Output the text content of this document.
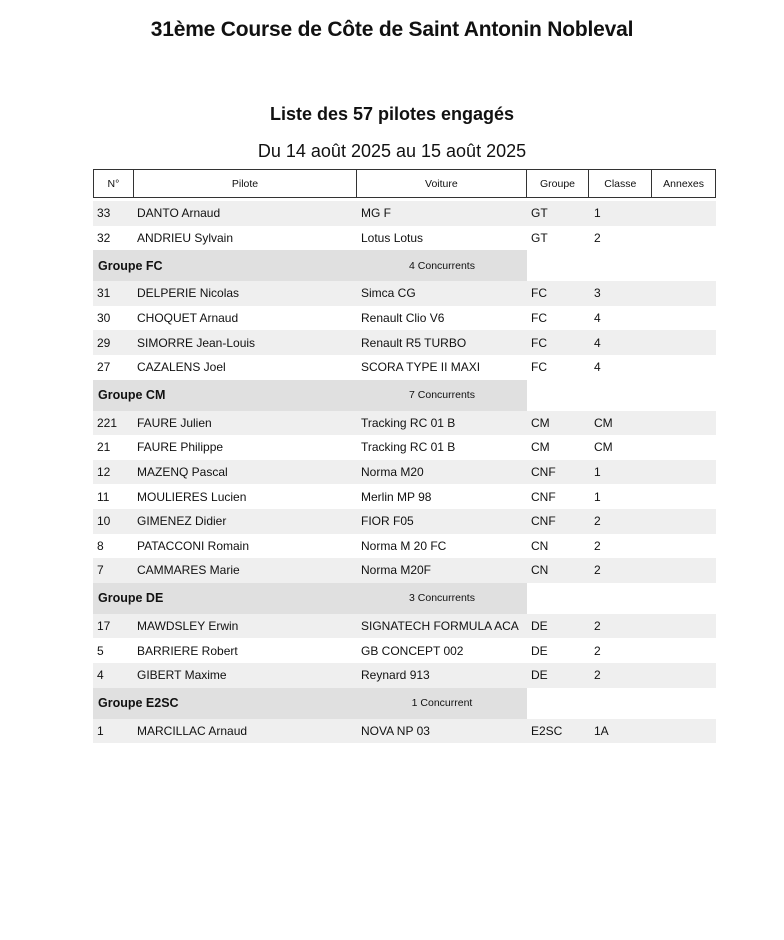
31ème Course de Côte de Saint Antonin Nobleval
Liste des 57 pilotes engagés
Du 14 août 2025 au 15 août 2025
N°	Pilote	Voiture	Groupe	Classe	Annexes
33	DANTO Arnaud	MG F	GT	1
32	ANDRIEU Sylvain	Lotus Lotus	GT	2
Groupe FC	4 Concurrents
31	DELPERIE Nicolas	Simca CG	FC	3
30	CHOQUET Arnaud	Renault Clio V6	FC	4
29	SIMORRE Jean-Louis	Renault R5 TURBO	FC	4
27	CAZALENS Joel	SCORA TYPE II MAXI	FC	4
Groupe CM	7 Concurrents
221	FAURE Julien	Tracking RC 01 B	CM	CM
21	FAURE Philippe	Tracking RC 01 B	CM	CM
12	MAZENQ Pascal	Norma M20	CNF	1
11	MOULIERES Lucien	Merlin MP 98	CNF	1
10	GIMENEZ Didier	FIOR F05	CNF	2
8	PATACCONI Romain	Norma M 20 FC	CN	2
7	CAMMARES Marie	Norma M20F	CN	2
Groupe DE	3 Concurrents
17	MAWDSLEY Erwin	SIGNATECH FORMULA ACA	DE	2
5	BARRIERE Robert	GB CONCEPT 002	DE	2
4	GIBERT Maxime	Reynard 913	DE	2
Groupe E2SC	1 Concurrent
1	MARCILLAC Arnaud	NOVA NP 03	E2SC	1A
